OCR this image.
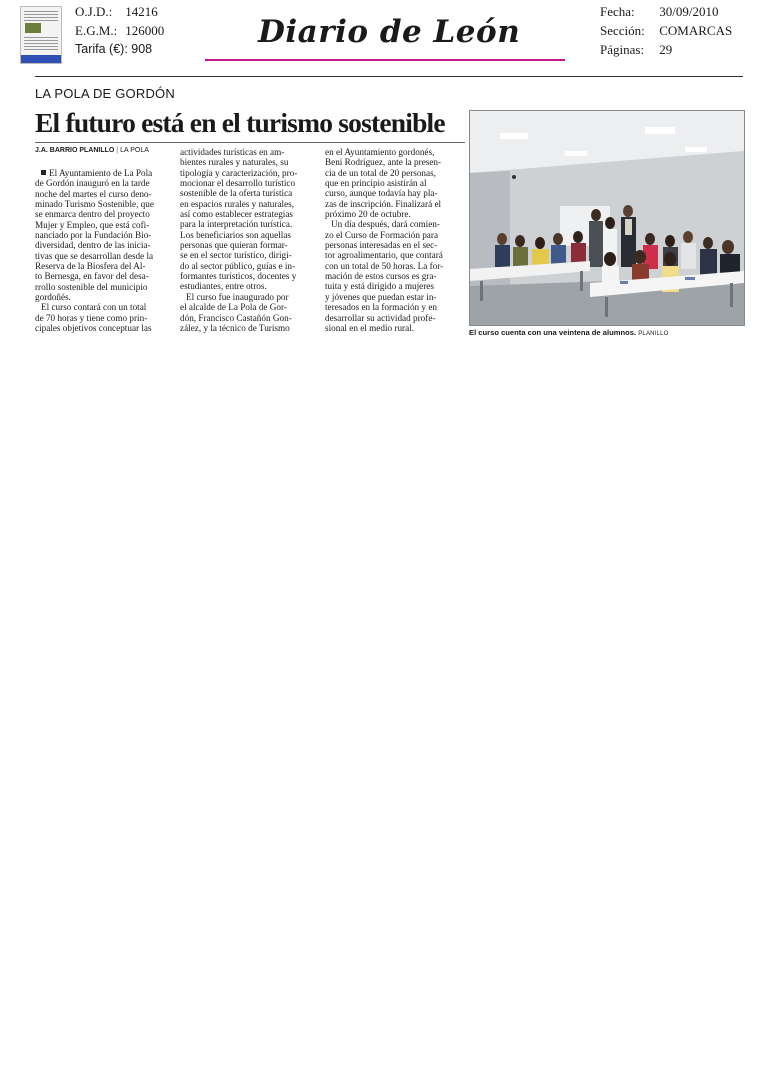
O.J.D.: 14216
E.G.M.: 126000
Tarifa (€): 908	Diario de León
Fecha: 30/09/2010
Sección: COMARCAS
Páginas: 29
LA POLA DE GORDÓN
El futuro está en el turismo sostenible
J.A. BARRIO PLANILLO | LA POLA

El Ayuntamiento de La Pola

de Gordón inauguró en la tarde

noche del martes el curso deno-

minado Turismo Sostenible, que

se enmarca dentro del proyecto

Mujer y Empleo, que está cofi-

nanciado por la Fundación Bio-

diversidad, dentro de las inicia-

tivas que se desarrollan desde la

Reserva de la Biosfera del Al-

to Bernesga, en favor del desa-

rrollo sostenible del municipio

gordoñés.

El curso contará con un total

de 70 horas y tiene como prin-

cipales objetivos conceptuar las

actividades turísticas en am-

bientes rurales y naturales, su

tipología y caracterización, pro-

mocionar el desarrollo turístico

sostenible de la oferta turística

en espacios rurales y naturales,

así como establecer estrategias

para la interpretación turística.

Los beneficiarios son aquellas

personas que quieran formar-

se en el sector turístico, dirigi-

do al sector público, guías e in-

formantes turísticos, docentes y

estudiantes, entre otros.

El curso fue inaugurado por

el alcalde de La Pola de Gor-

dón, Francisco Castañón Gon-

zález, y la técnico de Turismo

en el Ayuntamiento gordonés,

Beni Rodríguez, ante la presen-

cia de un total de 20 personas,

que en principio asistirán al

curso, aunque todavía hay pla-

zas de inscripción. Finalizará el

próximo 20 de octubre.

Un día después, dará comien-

zo el Curso de Formación para

personas interesadas en el sec-

tor agroalimentario, que contará

con un total de 50 horas. La for-

mación de estos cursos es gra-

tuita y está dirigido a mujeres

y jóvenes que puedan estar in-

teresados en la formación y en

desarrollar su actividad profe-

sional en el medio rural.	El curso cuenta con una veintena de alumnos. PLANILLO
